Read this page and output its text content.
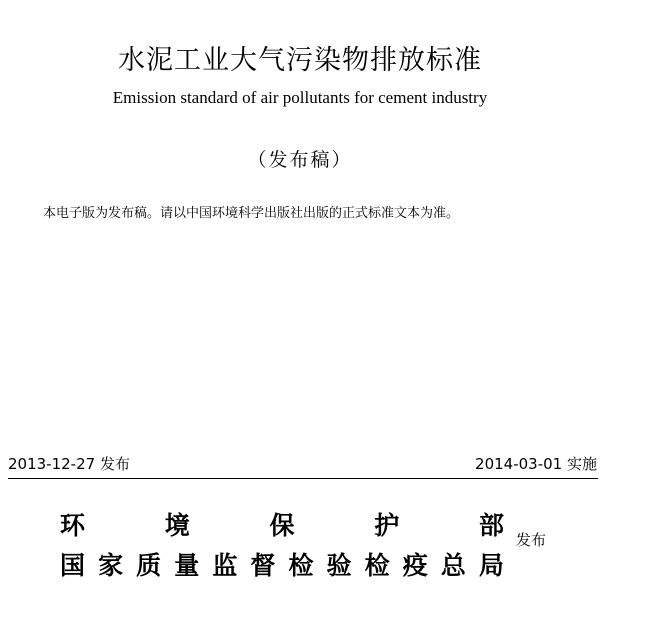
水泥工业大气污染物排放标准
Emission standard of air pollutants for cement industry
（发布稿）
本电子版为发布稿。请以中国环境科学出版社出版的正式标准文本为准。
2013-12-27 发布	2014-03-01 实施
环	境	保	护	部
国 家 质 量 监 督 检 验 检 疫 总 局
发布
